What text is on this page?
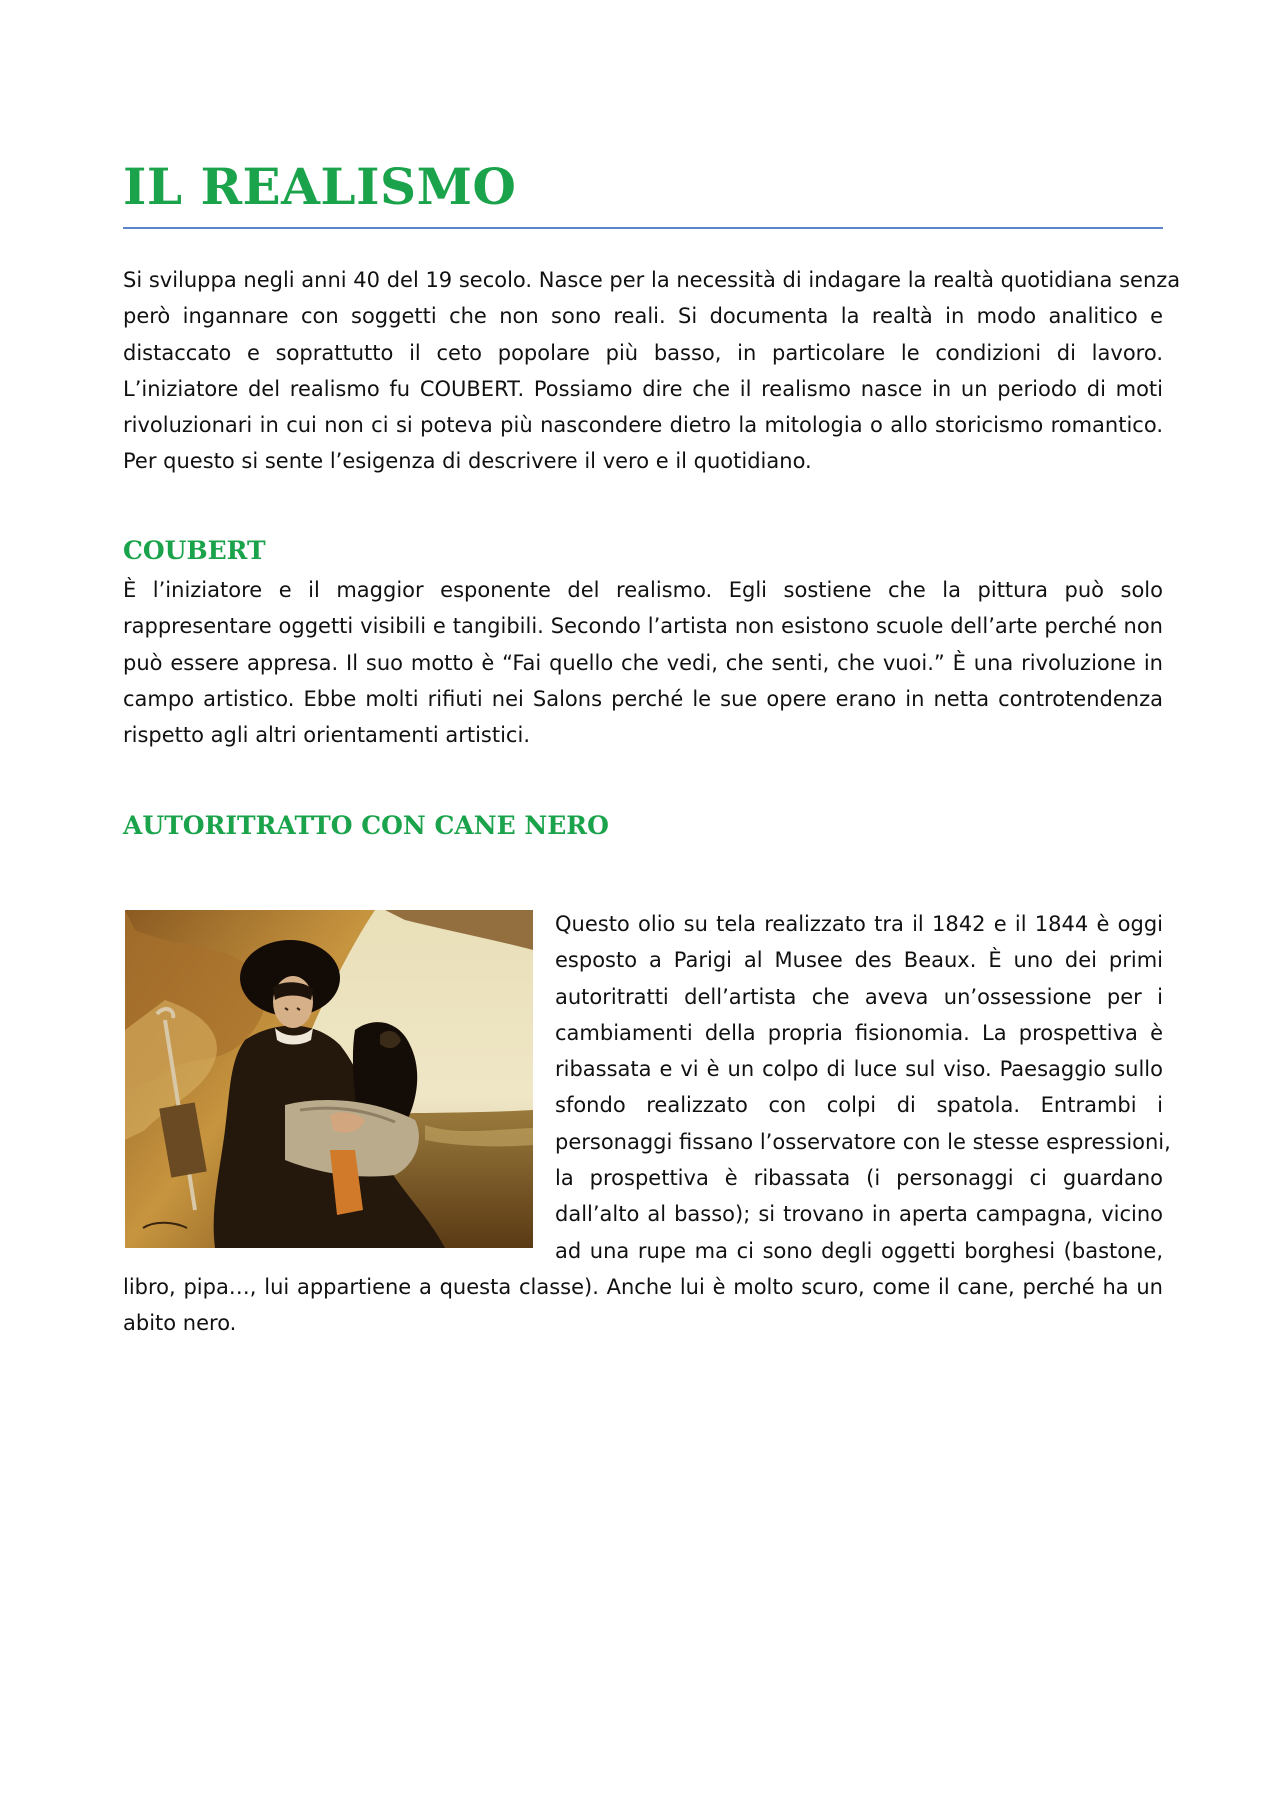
IL REALISMO

Si sviluppa negli anni 40 del 19 secolo. Nasce per la necessità di indagare la realtà quotidiana senza
però ingannare con soggetti che non sono reali. Si documenta la realtà in modo analitico e
distaccato e soprattutto il ceto popolare più basso, in particolare le condizioni di lavoro.
L’iniziatore del realismo fu COUBERT. Possiamo dire che il realismo nasce in un periodo di moti
rivoluzionari in cui non ci si poteva più nascondere dietro la mitologia o allo storicismo romantico.
Per questo si sente l’esigenza di descrivere il vero e il quotidiano.

COUBERT

È l’iniziatore e il maggior esponente del realismo. Egli sostiene che la pittura può solo
rappresentare oggetti visibili e tangibili. Secondo l’artista non esistono scuole dell’arte perché non
può essere appresa. Il suo motto è “Fai quello che vedi, che senti, che vuoi.” È una rivoluzione in
campo artistico. Ebbe molti rifiuti nei Salons perché le sue opere erano in netta controtendenza
rispetto agli altri orientamenti artistici.

AUTORITRATTO CON CANE NERO
Questo olio su tela realizzato tra il 1842 e il 1844 è oggi
esposto a Parigi al Musee des Beaux. È uno dei primi
autoritratti dell’artista che aveva un’ossessione per i
cambiamenti della propria fisionomia. La prospettiva è
ribassata e vi è un colpo di luce sul viso. Paesaggio sullo
sfondo realizzato con colpi di spatola. Entrambi i
personaggi fissano l’osservatore con le stesse espressioni,
la prospettiva è ribassata (i personaggi ci guardano
dall’alto al basso); si trovano in aperta campagna, vicino
ad una rupe ma ci sono degli oggetti borghesi (bastone,
libro, pipa…, lui appartiene a questa classe). Anche lui è molto scuro, come il cane, perché ha un
abito nero.
